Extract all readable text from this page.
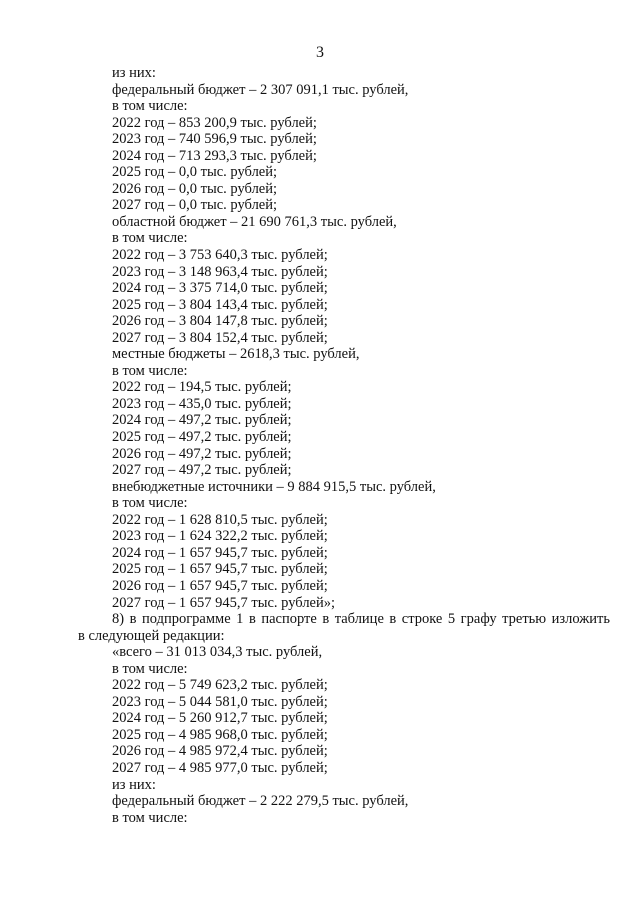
3
из них:
федеральный бюджет – 2 307 091,1 тыс. рублей,
в том числе:
2022 год – 853 200,9 тыс. рублей;
2023 год – 740 596,9 тыс. рублей;
2024 год – 713 293,3 тыс. рублей;
2025 год – 0,0 тыс. рублей;
2026 год – 0,0 тыс. рублей;
2027 год – 0,0 тыс. рублей;
областной бюджет – 21 690 761,3 тыс. рублей,
в том числе:
2022 год – 3 753 640,3 тыс. рублей;
2023 год – 3 148 963,4 тыс. рублей;
2024 год – 3 375 714,0 тыс. рублей;
2025 год – 3 804 143,4 тыс. рублей;
2026 год – 3 804 147,8 тыс. рублей;
2027 год – 3 804 152,4 тыс. рублей;
местные бюджеты – 2618,3 тыс. рублей,
в том числе:
2022 год – 194,5 тыс. рублей;
2023 год – 435,0 тыс. рублей;
2024 год – 497,2 тыс. рублей;
2025 год – 497,2 тыс. рублей;
2026 год – 497,2 тыс. рублей;
2027 год – 497,2 тыс. рублей;
внебюджетные источники – 9 884 915,5 тыс. рублей,
в том числе:
2022 год – 1 628 810,5 тыс. рублей;
2023 год – 1 624 322,2 тыс. рублей;
2024 год – 1 657 945,7 тыс. рублей;
2025 год – 1 657 945,7 тыс. рублей;
2026 год – 1 657 945,7 тыс. рублей;
2027 год – 1 657 945,7 тыс. рублей»;
8) в подпрограмме 1 в паспорте в таблице в строке 5 графу третью изложить
в следующей редакции:
«всего – 31 013 034,3 тыс. рублей,
в том числе:
2022 год – 5 749 623,2 тыс. рублей;
2023 год – 5 044 581,0 тыс. рублей;
2024 год – 5 260 912,7 тыс. рублей;
2025 год – 4 985 968,0 тыс. рублей;
2026 год – 4 985 972,4 тыс. рублей;
2027 год – 4 985 977,0 тыс. рублей;
из них:
федеральный бюджет – 2 222 279,5 тыс. рублей,
в том числе:
